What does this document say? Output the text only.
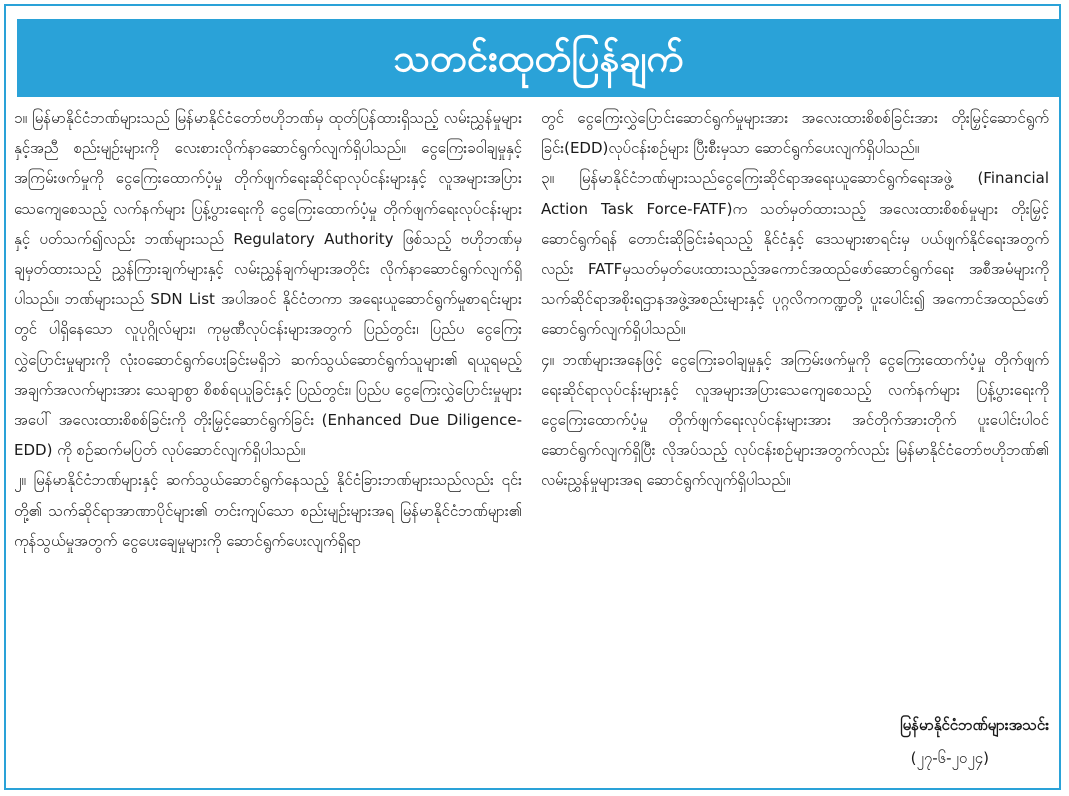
သတင်းထုတ်ပြန်ချက်

၁။ မြန်မာနိုင်ငံဘဏ်များသည် မြန်မာနိုင်ငံတော်ဗဟိုဘဏ်မှ ထုတ်ပြန်ထားရှိသည့် လမ်းညွှန်မှုများနှင့်အညီ စည်းမျဉ်းများကို လေးစားလိုက်နာဆောင်ရွက်လျက်ရှိပါသည်။ ငွေကြေးခဝါချမှုနှင့် အကြမ်းဖက်မှုကို ငွေကြေးထောက်ပံ့မှု တိုက်ဖျက်ရေးဆိုင်ရာလုပ်ငန်းများနှင့် လူအများအပြား သေကျေစေသည့် လက်နက်များ ပြန့်ပွားရေးကို ငွေကြေးထောက်ပံ့မှု တိုက်ဖျက်ရေးလုပ်ငန်းများနှင့် ပတ်သက်၍လည်း ဘဏ်များသည် Regulatory Authority ဖြစ်သည့် ဗဟိုဘဏ်မှ ချမှတ်ထားသည့် ညွှန်ကြားချက်များနှင့် လမ်းညွှန်ချက်များအတိုင်း လိုက်နာဆောင်ရွက်လျက်ရှိပါသည်။ ဘဏ်များသည် SDN List အပါအဝင် နိုင်ငံတကာ အရေးယူဆောင်ရွက်မှုစာရင်းများတွင် ပါရှိနေသော လူပုဂ္ဂိုလ်များ၊ ကုမ္ပဏီလုပ်ငန်းများအတွက် ပြည်တွင်း၊ ပြည်ပ ငွေကြေးလွှဲပြောင်းမှုများကို လုံးဝဆောင်ရွက်ပေးခြင်းမရှိဘဲ ဆက်သွယ်ဆောင်ရွက်သူများ၏ ရယူရမည့် အချက်အလက်များအား သေချာစွာ စိစစ်ရယူခြင်းနှင့် ပြည်တွင်း၊ ပြည်ပ ငွေကြေးလွှဲပြောင်းမှုများအပေါ် အလေးထားစိစစ်ခြင်းကို တိုးမြှင့်ဆောင်ရွက်ခြင်း (Enhanced Due Diligence-EDD) ကို စဉ်ဆက်မပြတ် လုပ်ဆောင်လျက်ရှိပါသည်။

၂။ မြန်မာနိုင်ငံဘဏ်များနှင့် ဆက်သွယ်ဆောင်ရွက်နေသည့် နိုင်ငံခြားဘဏ်များသည်လည်း ၎င်းတို့၏ သက်ဆိုင်ရာအာဏာပိုင်များ၏ တင်းကျပ်သော စည်းမျဉ်းများအရ မြန်မာနိုင်ငံဘဏ်များ၏ ကုန်သွယ်မှုအတွက် ငွေပေးချေမှုများကို ဆောင်ရွက်ပေးလျက်ရှိရာ

တွင် ငွေကြေးလွှဲပြောင်းဆောင်ရွက်မှုများအား အလေးထားစိစစ်ခြင်းအား တိုးမြှင့်ဆောင်ရွက်ခြင်း(EDD)လုပ်ငန်းစဉ်များ ပြီးစီးမှသာ ဆောင်ရွက်ပေးလျက်ရှိပါသည်။

၃။ မြန်မာနိုင်ငံဘဏ်များသည်ငွေကြေးဆိုင်ရာအရေးယူဆောင်ရွက်ရေးအဖွဲ့ (Financial Action Task Force-FATF)က သတ်မှတ်ထားသည့် အလေးထားစိစစ်မှုများ တိုးမြှင့်ဆောင်ရွက်ရန် တောင်းဆိုခြင်းခံရသည့် နိုင်ငံနှင့် ဒေသများစာရင်းမှ ပယ်ဖျက်နိုင်ရေးအတွက်လည်း FATFမှသတ်မှတ်ပေးထားသည့်အကောင်အထည်ဖော်ဆောင်ရွက်ရေး အစီအမံများကို သက်ဆိုင်ရာအစိုးရဌာနအဖွဲ့အစည်းများနှင့် ပုဂ္ဂလိကကဏ္ဍတို့ ပူးပေါင်း၍ အကောင်အထည်ဖော်ဆောင်ရွက်လျက်ရှိပါသည်။

၄။ ဘဏ်များအနေဖြင့် ငွေကြေးခဝါချမှုနှင့် အကြမ်းဖက်မှုကို ငွေကြေးထောက်ပံ့မှု တိုက်ဖျက်ရေးဆိုင်ရာလုပ်ငန်းများနှင့် လူအများအပြားသေကျေစေသည့် လက်နက်များ ပြန့်ပွားရေးကို ငွေကြေးထောက်ပံ့မှု တိုက်ဖျက်ရေးလုပ်ငန်းများအား အင်တိုက်အားတိုက် ပူးပေါင်းပါဝင်ဆောင်ရွက်လျက်ရှိပြီး လိုအပ်သည့် လုပ်ငန်းစဉ်များအတွက်လည်း မြန်မာနိုင်ငံတော်ဗဟိုဘဏ်၏ လမ်းညွှန်မှုများအရ ဆောင်ရွက်လျက်ရှိပါသည်။

မြန်မာနိုင်ငံဘဏ်များအသင်း
(၂၇-၆-၂၀၂၄)
